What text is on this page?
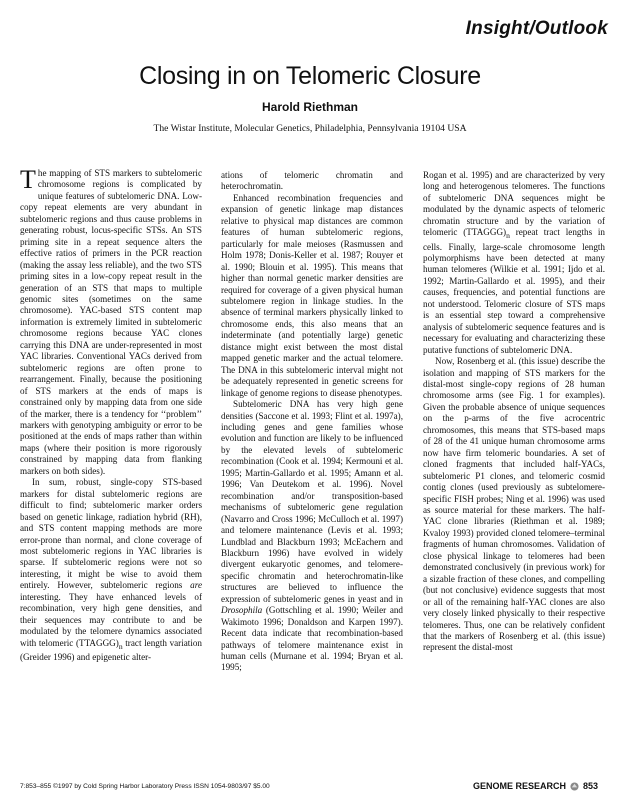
Insight/Outlook
Closing in on Telomeric Closure
Harold Riethman
The Wistar Institute, Molecular Genetics, Philadelphia, Pennsylvania 19104 USA

The mapping of STS markers to subtelomeric chromosome regions is complicated by unique features of subtelomeric DNA. Low-copy repeat elements are very abundant in subtelomeric regions and thus cause problems in generating robust, locus-specific STSs. An STS priming site in a repeat sequence alters the effective ratios of primers in the PCR reaction (making the assay less reliable), and the two STS priming sites in a low-copy repeat result in the generation of an STS that maps to multiple genomic sites (sometimes on the same chromosome). YAC-based STS content map information is extremely limited in subtelomeric chromosome regions because YAC clones carrying this DNA are under-represented in most YAC libraries. Conventional YACs derived from subtelomeric regions are often prone to rearrangement. Finally, because the positioning of STS markers at the ends of maps is constrained only by mapping data from one side of the marker, there is a tendency for ‘‘problem’’ markers with genotyping ambiguity or error to be positioned at the ends of maps rather than within maps (where their position is more rigorously constrained by mapping data from flanking markers on both sides).

In sum, robust, single-copy STS-based markers for distal subtelomeric regions are difficult to find; subtelomeric marker orders based on genetic linkage, radiation hybrid (RH), and STS content mapping methods are more error-prone than normal, and clone coverage of most subtelomeric regions in YAC libraries is sparse. If subtelomeric regions were not so interesting, it might be wise to avoid them entirely. However, subtelomeric regions are interesting. They have enhanced levels of recombination, very high gene densities, and their sequences may contribute to and be modulated by the telomere dynamics associated with telomeric $(TTAGGG)_n$ tract length variation (Greider 1996) and epigenetic alter-

ations of telomeric chromatin and heterochromatin.

Enhanced recombination frequencies and expansion of genetic linkage map distances relative to physical map distances are common features of human subtelomeric regions, particularly for male meioses (Rasmussen and Holm 1978; Donis-Keller et al. 1987; Rouyer et al. 1990; Blouin et al. 1995). This means that higher than normal genetic marker densities are required for coverage of a given physical human subtelomere region in linkage studies. In the absence of terminal markers physically linked to chromosome ends, this also means that an indeterminate (and potentially large) genetic distance might exist between the most distal mapped genetic marker and the actual telomere. The DNA in this subtelomeric interval might not be adequately represented in genetic screens for linkage of genome regions to disease phenotypes.

Subtelomeric DNA has very high gene densities (Saccone et al. 1993; Flint et al. 1997a), including genes and gene families whose evolution and function are likely to be influenced by the elevated levels of subtelomeric recombination (Cook et al. 1994; Kermouni et al. 1995; Martin-Gallardo et al. 1995; Amann et al. 1996; Van Deutekom et al. 1996). Novel recombination and/or transposition-based mechanisms of subtelomeric gene regulation (Navarro and Cross 1996; McCulloch et al. 1997) and telomere maintenance (Levis et al. 1993; Lundblad and Blackburn 1993; McEachern and Blackburn 1996) have evolved in widely divergent eukaryotic genomes, and telomere-specific chromatin and heterochromatin-like structures are believed to influence the expression of subtelomeric genes in yeast and in Drosophila (Gottschling et al. 1990; Weiler and Wakimoto 1996; Donaldson and Karpen 1997). Recent data indicate that recombination-based pathways of telomere maintenance exist in human cells (Murnane et al. 1994; Bryan et al. 1995;

Rogan et al. 1995) and are characterized by very long and heterogenous telomeres. The functions of subtelomeric DNA sequences might be modulated by the dynamic aspects of telomeric chromatin structure and by the variation of telomeric $(TTAGGG)_n$ repeat tract lengths in cells. Finally, large-scale chromosome length polymorphisms have been detected at many human telomeres (Wilkie et al. 1991; Ijdo et al. 1992; Martin-Gallardo et al. 1995), and their causes, frequencies, and potential functions are not understood. Telomeric closure of STS maps is an essential step toward a comprehensive analysis of subtelomeric sequence features and is necessary for evaluating and characterizing these putative functions of subtelomeric DNA.

Now, Rosenberg et al. (this issue) describe the isolation and mapping of STS markers for the distal-most single-copy regions of 28 human chromosome arms (see Fig. 1 for examples). Given the probable absence of unique sequences on the p-arms of the five acrocentric chromosomes, this means that STS-based maps of 28 of the 41 unique human chromosome arms now have firm telomeric boundaries. A set of cloned fragments that included half-YACs, subtelomeric P1 clones, and telomeric cosmid contig clones (used previously as subtelomere-specific FISH probes; Ning et al. 1996) was used as source material for these markers. The half-YAC clone libraries (Riethman et al. 1989; Kvaloy 1993) provided cloned telomere–terminal fragments of human chromosomes. Validation of close physical linkage to telomeres had been demonstrated conclusively (in previous work) for a sizable fraction of these clones, and compelling (but not conclusive) evidence suggests that most or all of the remaining half-YAC clones are also very closely linked physically to their respective telomeres. Thus, one can be relatively confident that the markers of Rosenberg et al. (this issue) represent the distal-most

7:853–855 ©1997 by Cold Spring Harbor Laboratory Press ISSN 1054-9803/97 $5.00	GENOME RESEARCH 853
